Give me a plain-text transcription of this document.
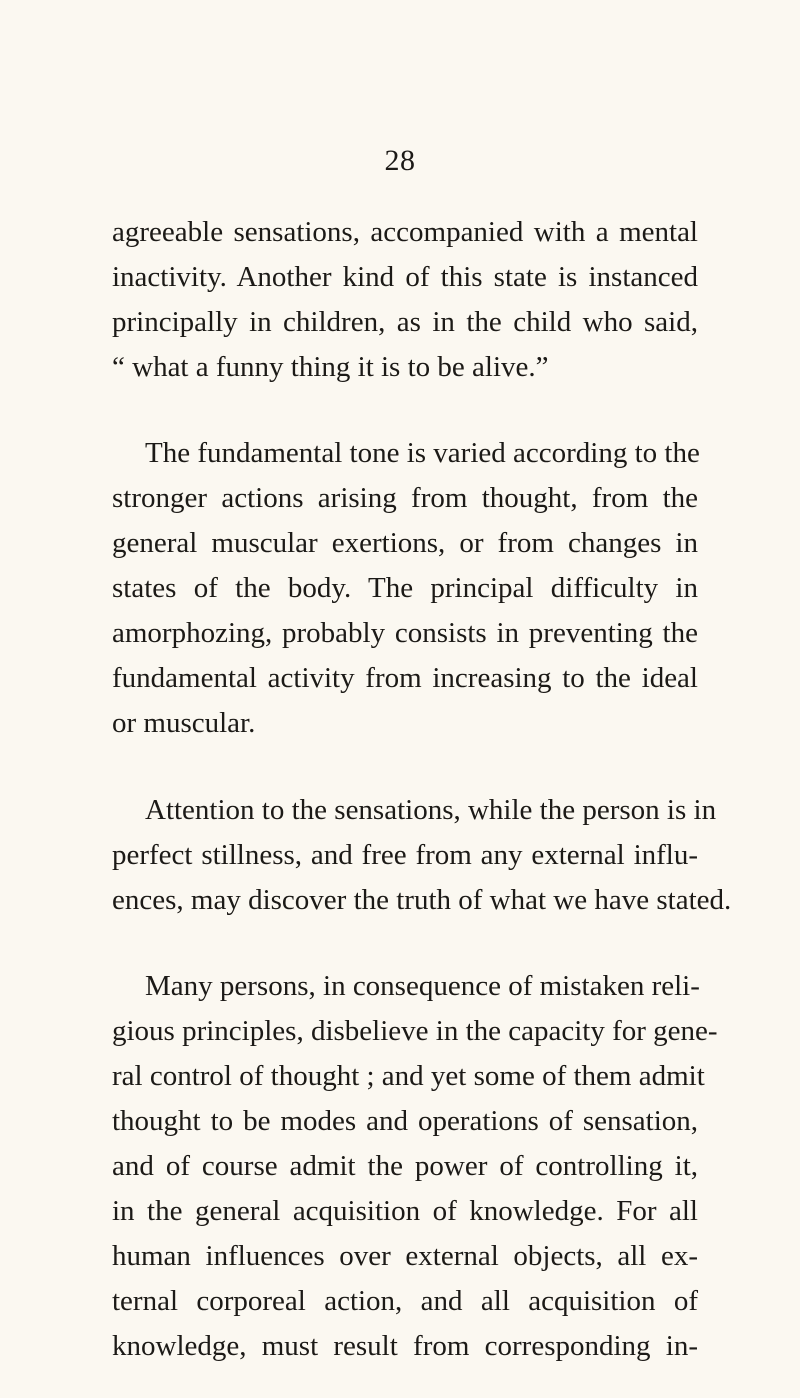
28
agreeable sensations, accompanied with a mental
inactivity. Another kind of this state is instanced
principally in children, as in the child who said,
“ what a funny thing it is to be alive.”
The fundamental tone is varied according to the
stronger actions arising from thought, from the
general muscular exertions, or from changes in
states of the body. The principal difficulty in
amorphozing, probably consists in preventing the
fundamental activity from increasing to the ideal
or muscular.
Attention to the sensations, while the person is in
perfect stillness, and free from any external influ-
ences, may discover the truth of what we have stated.
Many persons, in consequence of mistaken reli-
gious principles, disbelieve in the capacity for gene-
ral control of thought ; and yet some of them admit
thought to be modes and operations of sensation,
and of course admit the power of controlling it,
in the general acquisition of knowledge. For all
human influences over external objects, all ex-
ternal corporeal action, and all acquisition of
knowledge, must result from corresponding in-
